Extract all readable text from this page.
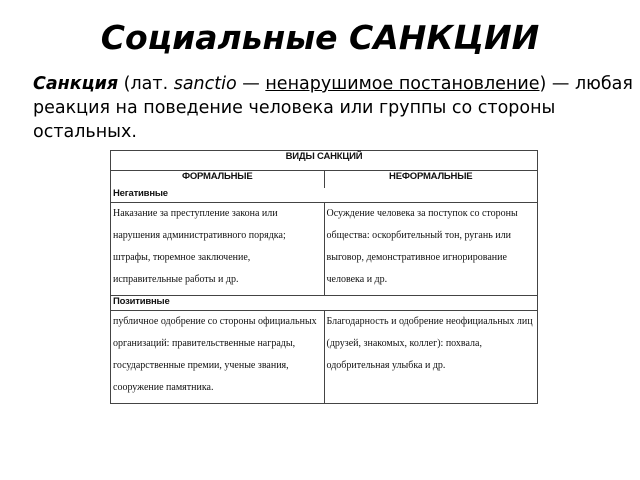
Социальные САНКЦИИ
Санкция (лат. sanctio — ненарушимое постановление) — любая реакция на поведение человека или группы со стороны остальных.
ВИДЫ САНКЦИЙ	
ФОРМАЛЬНЫЕ	НЕФОРМАЛЬНЫЕ
Негативные	
Наказание за преступление закона или нарушения административного порядка; штрафы, тюремное заключение, исправительные работы и др.	Осуждение человека за поступок со стороны общества: оскорбительный тон, ругань или выговор, демонстративное игнорирование человека и др.
Позитивные	
публичное одобрение со стороны официальных организаций: правительственные награды, государственные премии, ученые звания, сооружение памятника.	Благодарность и одобрение неофициальных лиц (друзей, знакомых, коллег): похвала, одобрительная улыбка и др.
